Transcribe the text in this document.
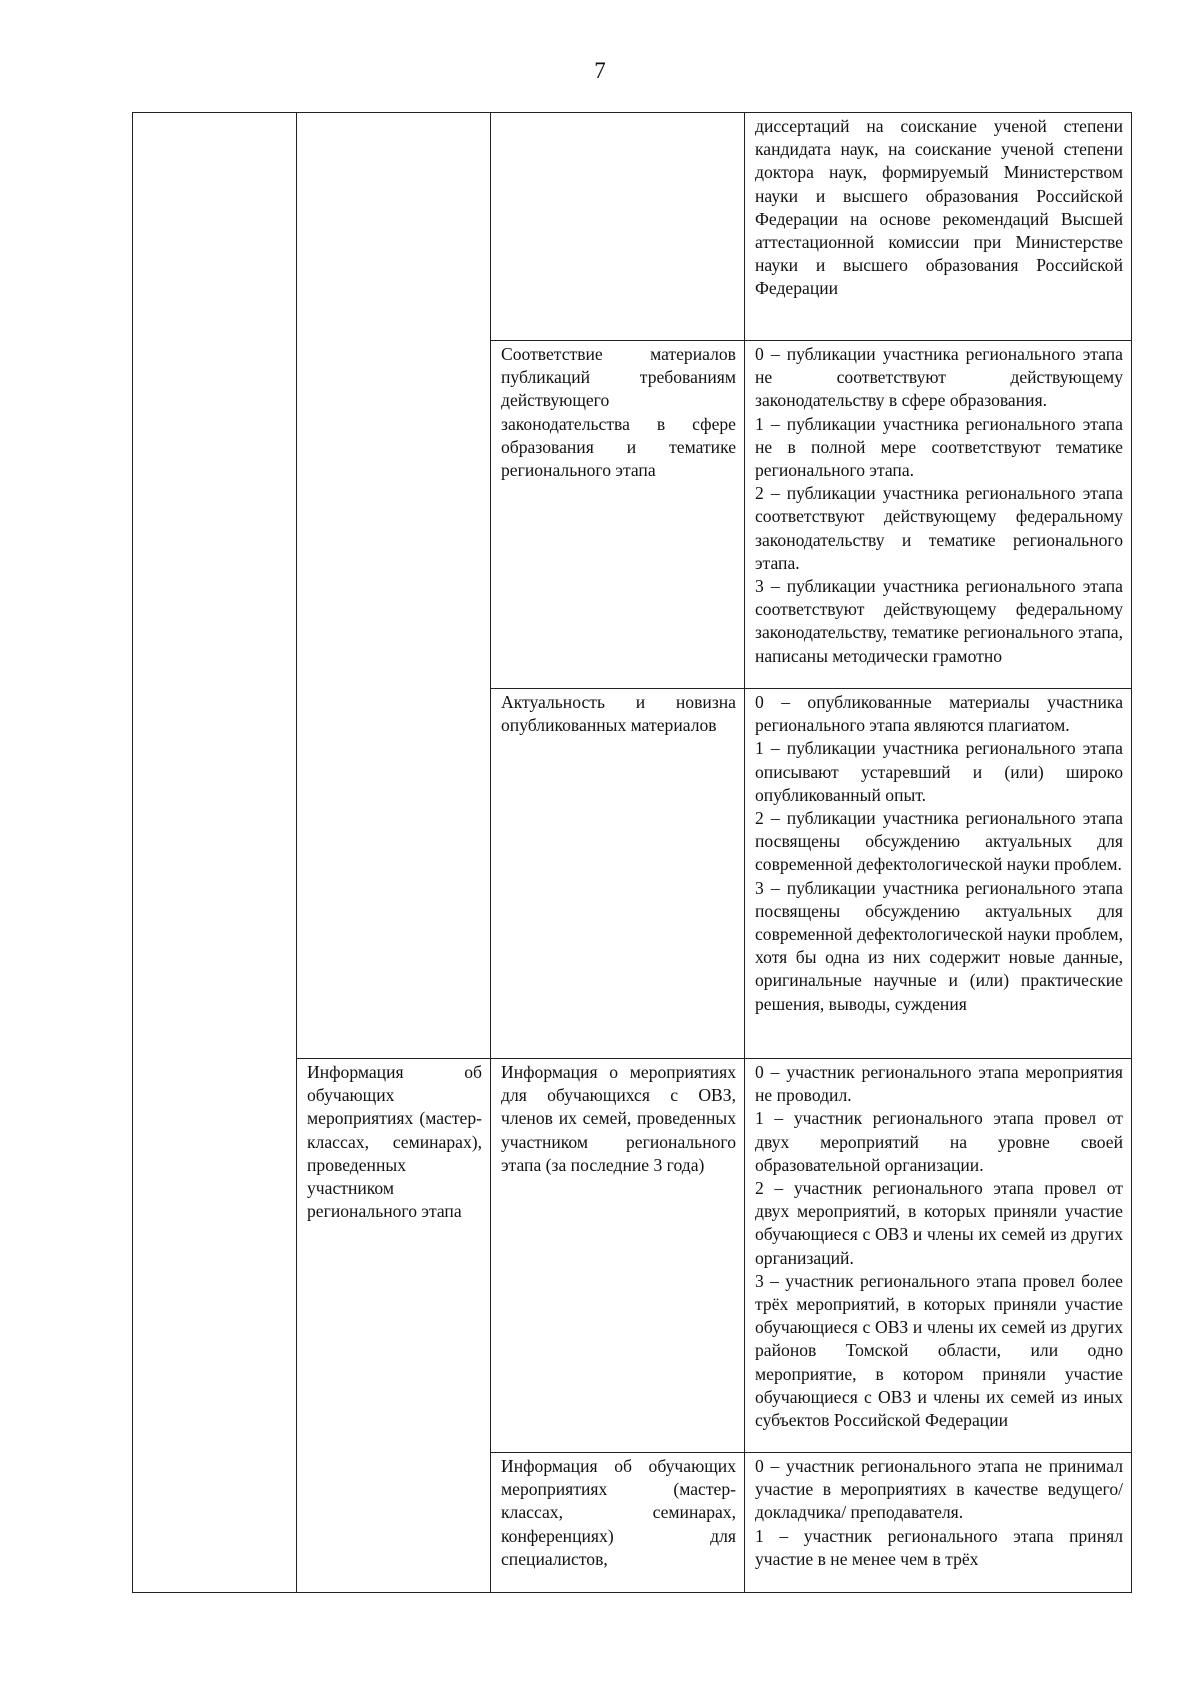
7

			диссертаций на соискание ученой степени кандидата наук, на соискание ученой степени доктора наук, формируемый Министерством науки и высшего образования Российской Федерации на основе рекомендаций Высшей аттестационной комиссии при Министерстве науки и высшего образования Российской Федерации

		Соответствие материалов публикаций требованиям действующего законодательства в сфере образования и тематике регионального этапа	0 – публикации участника регионального этапа не соответствуют действующему законодательству в сфере образования.

1 – публикации участника регионального этапа не в полной мере соответствуют тематике регионального этапа.

2 – публикации участника регионального этапа соответствуют действующему федеральному законодательству и тематике регионального этапа.

3 – публикации участника регионального этапа соответствуют действующему федеральному законодательству, тематике регионального этапа, написаны методически грамотно

		Актуальность и новизна опубликованных материалов	0 – опубликованные материалы участника регионального этапа являются плагиатом.

1 – публикации участника регионального этапа описывают устаревший и (или) широко опубликованный опыт.

2 – публикации участника регионального этапа посвящены обсуждению актуальных для современной дефектологической науки проблем.

3 – публикации участника регионального этапа посвящены обсуждению актуальных для современной дефектологической науки проблем, хотя бы одна из них содержит новые данные, оригинальные научные и (или) практические решения, выводы, суждения

	Информация об обучающих мероприятиях (мастер-классах, семинарах), проведенных участником регионального этапа	Информация о мероприятиях для обучающихся с ОВЗ, членов их семей, проведенных участником регионального этапа (за последние 3 года)	0 – участник регионального этапа мероприятия не проводил.

1 – участник регионального этапа провел от двух мероприятий на уровне своей образовательной организации.

2 – участник регионального этапа провел от двух мероприятий, в которых приняли участие обучающиеся с ОВЗ и члены их семей из других организаций.

3 – участник регионального этапа провел более трёх мероприятий, в которых приняли участие обучающиеся с ОВЗ и члены их семей из других районов Томской области, или одно мероприятие, в котором приняли участие обучающиеся с ОВЗ и члены их семей из иных субъектов Российской Федерации

		Информация об обучающих мероприятиях (мастер-классах, семинарах, конференциях) для специалистов,	0 – участник регионального этапа не принимал участие в мероприятиях в качестве ведущего/ докладчика/ преподавателя.

1 – участник регионального этапа принял участие в не менее чем в трёх
